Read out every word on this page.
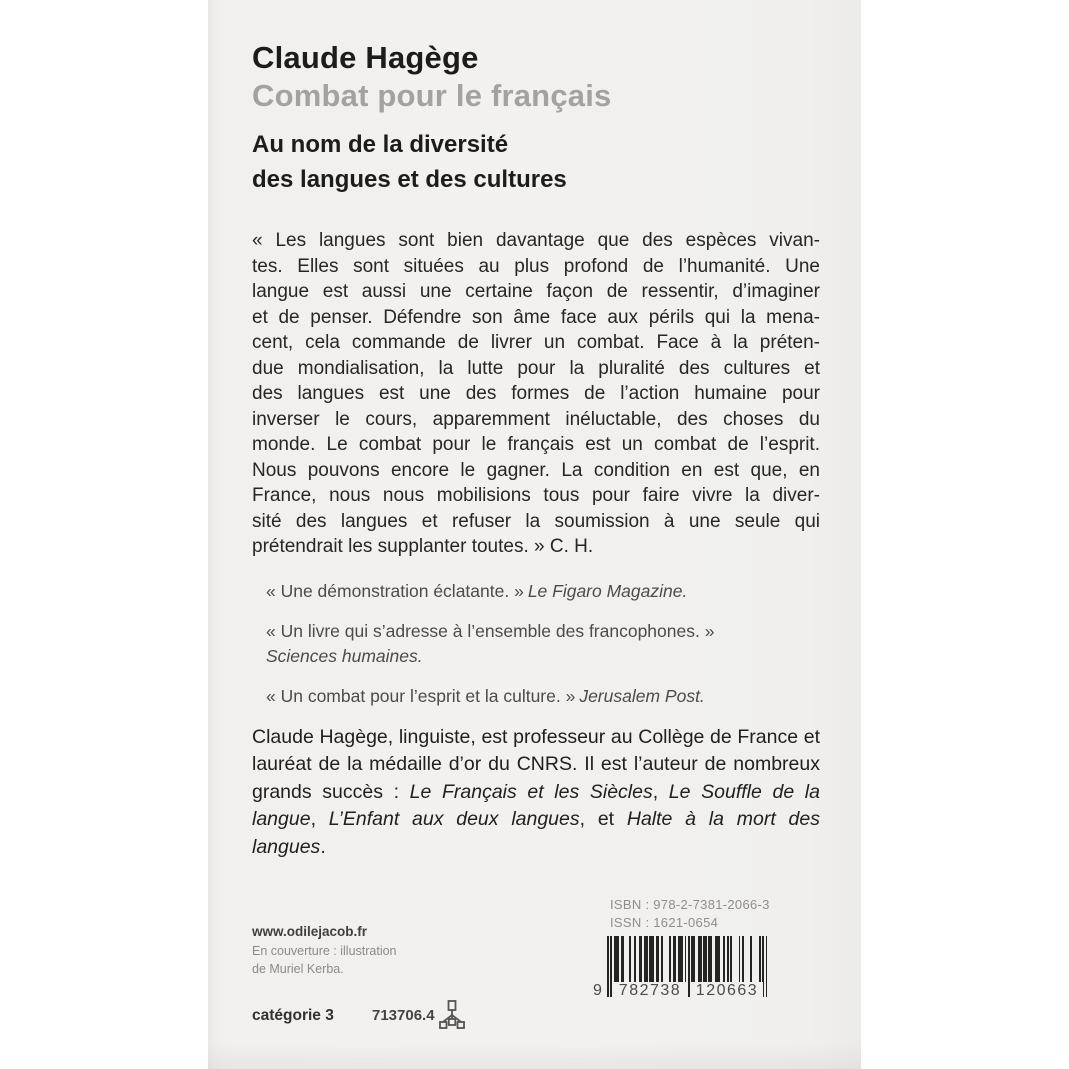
Claude Hagège
Combat pour le français
Au nom de la diversité
des langues et des cultures
« Les langues sont bien davantage que des espèces vivan-
tes. Elles sont situées au plus profond de l’humanité. Une
langue est aussi une certaine façon de ressentir, d’imaginer
et de penser. Défendre son âme face aux périls qui la mena-
cent, cela commande de livrer un combat. Face à la préten-
due mondialisation, la lutte pour la pluralité des cultures et
des langues est une des formes de l’action humaine pour
inverser le cours, apparemment inéluctable, des choses du
monde. Le combat pour le français est un combat de l’esprit.
Nous pouvons encore le gagner. La condition en est que, en
France, nous nous mobilisions tous pour faire vivre la diver-
sité des langues et refuser la soumission à une seule qui
prétendrait les supplanter toutes. » C. H.
« Une démonstration éclatante. » Le Figaro Magazine.
« Un livre qui s’adresse à l’ensemble des francophones. »
Sciences humaines.
« Un combat pour l’esprit et la culture. » Jerusalem Post.

Claude Hagège, linguiste, est professeur au Collège de France et lauréat de la médaille d’or du CNRS. Il est l’auteur de nombreux grands succès : Le Français et les Siècles, Le Souffle de la langue, L’Enfant aux deux langues, et Halte à la mort des langues.

ISBN : 978-2-7381-2066-3
ISSN : 1621-0654
9 782738 120663
www.odilejacob.fr
En couverture : illustration
de Muriel Kerba.
catégorie 3	713706.4
